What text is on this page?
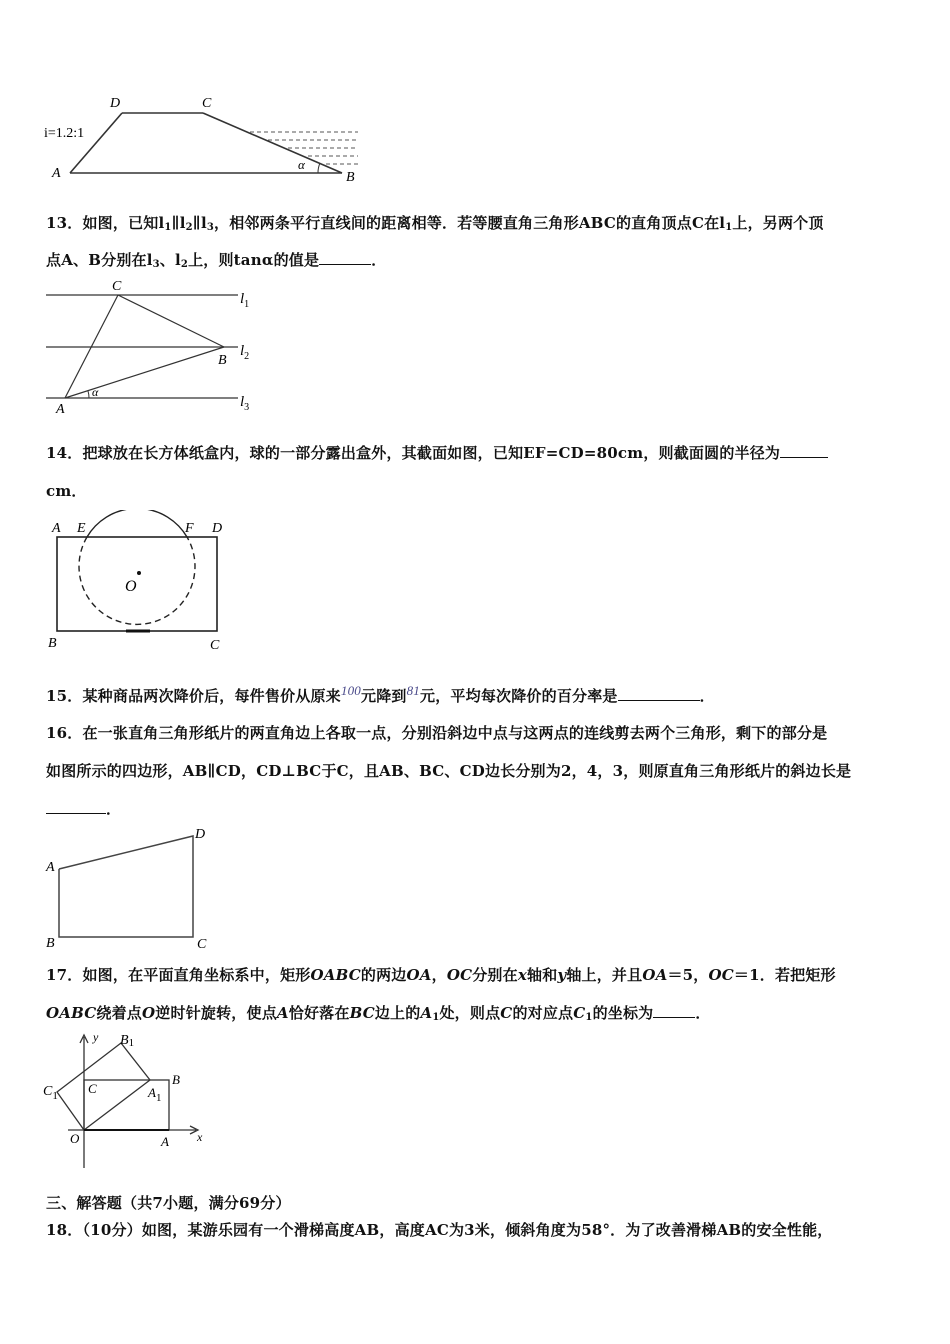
D	C
A	B
i=1.2:1
α
13．如图，已知$l_1\parallel l_2\parallel l_3$，相邻两条平行直线间的距离相等．若等腰直角三角形ABC的直角顶点C在$l_1$上，另两个顶
点A、B分别在$l_3$、$l_2$上，则tanα的值是	．
C
B
A
α
$l_1$
$l_2$
$l_3$
14．把球放在长方体纸盒内，球的一部分露出盒外，其截面如图，已知EF=CD=80cm，则截面圆的半径为
cm．
A E	F D
O
B	C
15．某种商品两次降价后，每件售价从原来100元降到81元，平均每次降价的百分率是	．
16．在一张直角三角形纸片的两直角边上各取一点，分别沿斜边中点与这两点的连线剪去两个三角形，剩下的部分是
如图所示的四边形，AB∥CD，CD⊥BC于C，且AB、BC、CD边长分别为2，4，3，则原直角三角形纸片的斜边长是
．
A
B	C
D
17．如图，在平面直角坐标系中，矩形OABC的两边OA，OC分别在x轴和y轴上，并且OA＝5，OC＝1．若把矩形
OABC绕着点O逆时针旋转，使点A恰好落在BC边上的$A_1$处，则点C的对应点$C_1$的坐标为	．
y B1
$C_1$ C
B
$A_1$
O	A x
三、解答题（共7小题，满分69分）
18．（10分）如图，某游乐园有一个滑梯高度AB，高度AC为3米，倾斜角度为58°．为了改善滑梯AB的安全性能，
